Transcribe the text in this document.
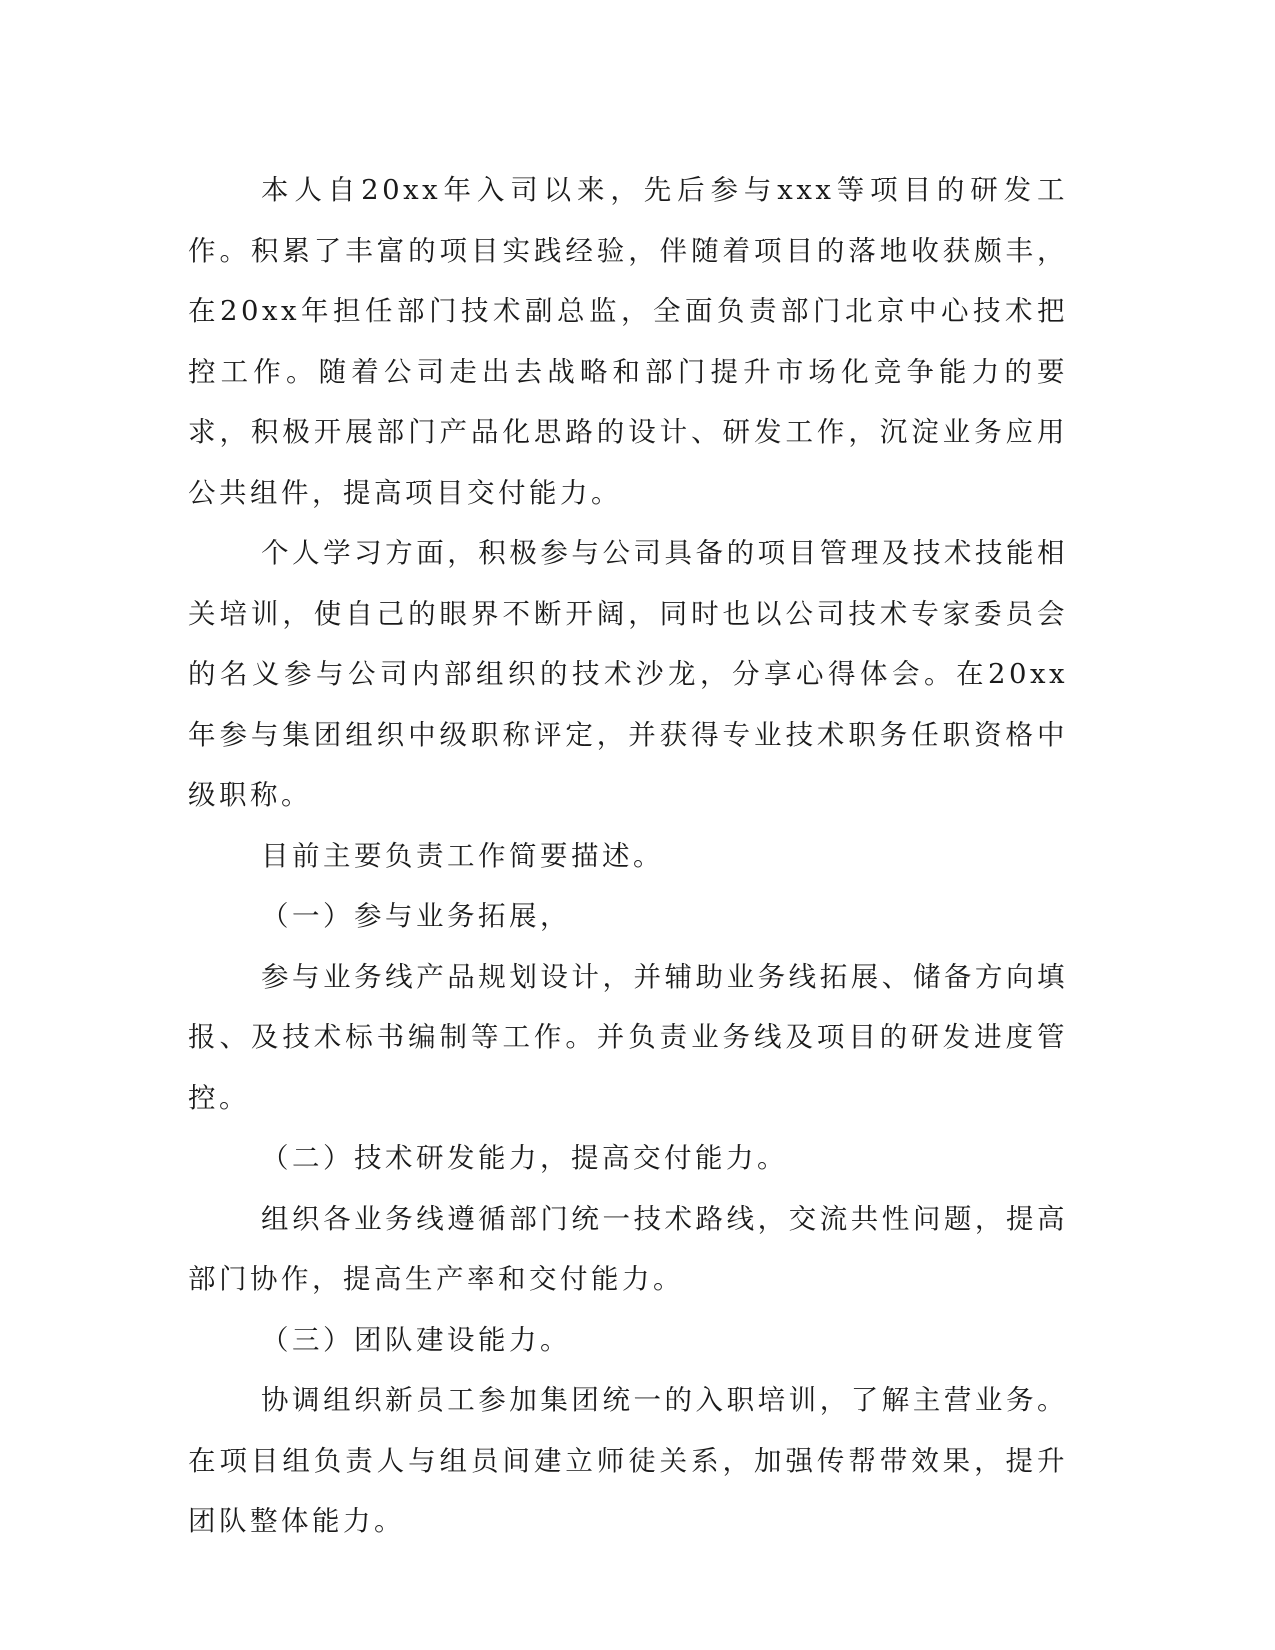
本人自20xx年入司以来，先后参与xxx等项目的研发工作。积累了丰富的项目实践经验，伴随着项目的落地收获颇丰，在20xx年担任部门技术副总监，全面负责部门北京中心技术把控工作。随着公司走出去战略和部门提升市场化竞争能力的要求，积极开展部门产品化思路的设计、研发工作，沉淀业务应用公共组件，提高项目交付能力。

个人学习方面，积极参与公司具备的项目管理及技术技能相关培训，使自己的眼界不断开阔，同时也以公司技术专家委员会的名义参与公司内部组织的技术沙龙，分享心得体会。在20xx年参与集团组织中级职称评定，并获得专业技术职务任职资格中级职称。

目前主要负责工作简要描述。

（一）参与业务拓展，

参与业务线产品规划设计，并辅助业务线拓展、储备方向填报、及技术标书编制等工作。并负责业务线及项目的研发进度管控。

（二）技术研发能力，提高交付能力。

组织各业务线遵循部门统一技术路线，交流共性问题，提高部门协作，提高生产率和交付能力。

（三）团队建设能力。

协调组织新员工参加集团统一的入职培训，了解主营业务。在项目组负责人与组员间建立师徒关系，加强传帮带效果，提升团队整体能力。
